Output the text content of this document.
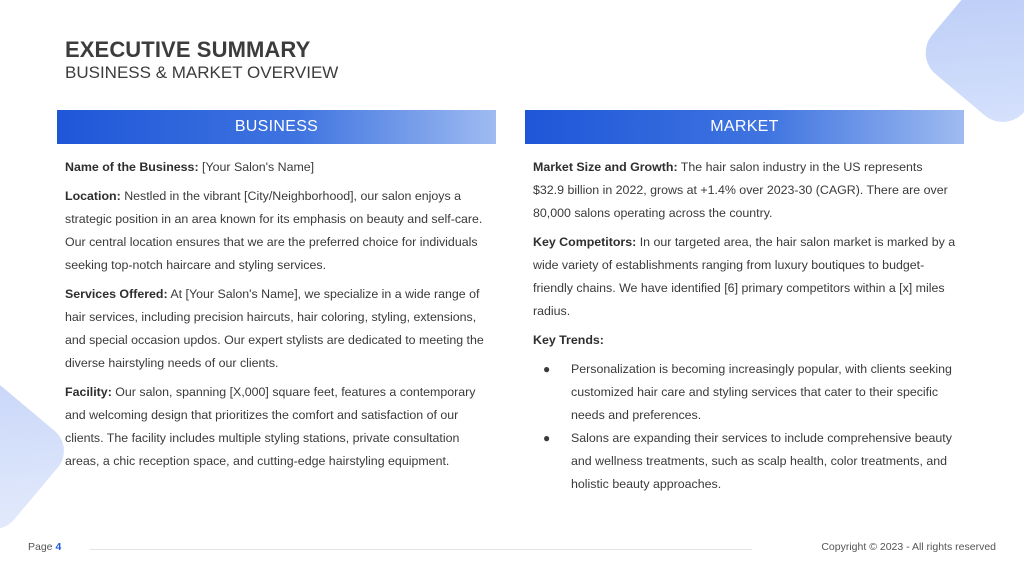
EXECUTIVE SUMMARY
BUSINESS & MARKET OVERVIEW
BUSINESS

Name of the Business: [Your Salon's Name]

Location: Nestled in the vibrant [City/Neighborhood], our salon enjoys a strategic position in an area known for its emphasis on beauty and self-care. Our central location ensures that we are the preferred choice for individuals seeking top-notch haircare and styling services.

Services Offered: At [Your Salon's Name], we specialize in a wide range of hair services, including precision haircuts, hair coloring, styling, extensions, and special occasion updos. Our expert stylists are dedicated to meeting the diverse hairstyling needs of our clients.

Facility: Our salon, spanning [X,000] square feet, features a contemporary and welcoming design that prioritizes the comfort and satisfaction of our clients. The facility includes multiple styling stations, private consultation areas, a chic reception space, and cutting-edge hairstyling equipment.

MARKET

Market Size and Growth: The hair salon industry in the US represents $32.9 billion in 2022, grows at +1.4% over 2023-30 (CAGR). There are over 80,000 salons operating across the country.

Key Competitors: In our targeted area, the hair salon market is marked by a wide variety of establishments ranging from luxury boutiques to budget-friendly chains. We have identified [6] primary competitors within a [x] miles radius.

Key Trends:

● Personalization is becoming increasingly popular, with clients seeking customized hair care and styling services that cater to their specific needs and preferences.
● Salons are expanding their services to include comprehensive beauty and wellness treatments, such as scalp health, color treatments, and holistic beauty approaches.
Page 4	Copyright © 2023 - All rights reserved
